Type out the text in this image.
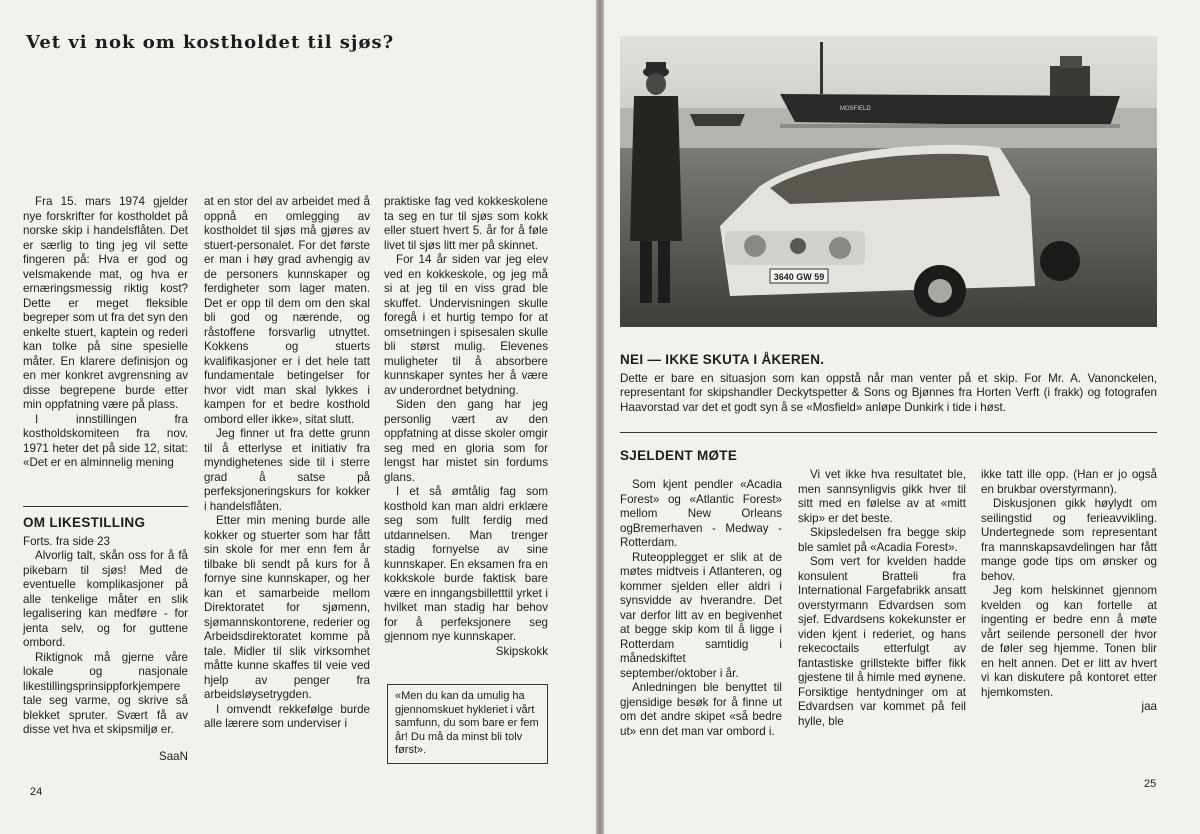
Vet vi nok om kostholdet til sjøs?

Fra 15. mars 1974 gjelder nye forskrifter for kostholdet på norske skip i handelsflåten. Det er særlig to ting jeg vil sette fingeren på: Hva er god og velsmakende mat, og hva er ernæringsmessig riktig kost? Dette er meget fleksible begreper som ut fra det syn den enkelte stuert, kaptein og rederi kan tolke på sine spesielle måter. En klarere definisjon og en mer konkret avgrensning av disse begrepene burde etter min oppfatning være på plass.

I innstillingen fra kostholdskomiteen fra nov. 1971 heter det på side 12, sitat: «Det er en alminnelig mening

at en stor del av arbeidet med å oppnå en omlegging av kostholdet til sjøs må gjøres av stuert-personalet. For det første er man i høy grad avhengig av de personers kunnskaper og ferdigheter som lager maten. Det er opp til dem om den skal bli god og nærende, og råstoffene forsvarlig utnyttet. Kokkens og stuerts kvalifikasjoner er i det hele tatt fundamentale betingelser for hvor vidt man skal lykkes i kampen for et bedre kosthold ombord eller ikke», sitat slutt.

Jeg finner ut fra dette grunn til å etterlyse et initiativ fra myndighetenes side til i sterre grad å satse på perfeksjoneringskurs for kokker i handelsflåten.

Etter min mening burde alle kokker og stuerter som har fått sin skole for mer enn fem år tilbake bli sendt på kurs for å fornye sine kunnskaper, og her kan et samarbeide mellom Direktoratet for sjømenn, sjømannskontorene, rederier og Arbeidsdirektoratet komme på tale. Midler til slik virksomhet måtte kunne skaffes til veie ved hjelp av penger fra arbeidsløysetrygden.

I omvendt rekkefølge burde alle lærere som underviser i

praktiske fag ved kokkeskolene ta seg en tur til sjøs som kokk eller stuert hvert 5. år for å føle livet til sjøs litt mer på skinnet.

For 14 år siden var jeg elev ved en kokkeskole, og jeg må si at jeg til en viss grad ble skuffet. Undervisningen skulle foregå i et hurtig tempo for at omsetningen i spisesalen skulle bli størst mulig. Elevenes muligheter til å absorbere kunnskaper syntes her å være av underordnet betydning.

Siden den gang har jeg personlig vært av den oppfatning at disse skoler omgir seg med en gloria som for lengst har mistet sin fordums glans.

I et så ømtålig fag som kosthold kan man aldri erklære seg som fullt ferdig med utdannelsen. Man trenger stadig fornyelse av sine kunnskaper. En eksamen fra en kokkskole burde faktisk bare være en inngangsbilletttil yrket i hvilket man stadig har behov for å perfeksjonere seg gjennom nye kunnskaper.

Skipskokk
«Men du kan da umulig ha gjennomskuet hykleriet i vårt samfunn, du som bare er fem år! Du må da minst bli tolv først».
OM LIKESTILLING
Forts. fra side 23

Alvorlig talt, skån oss for å få pikebarn til sjøs! Med de eventuelle komplikasjoner på alle tenkelige måter en slik legalisering kan medføre - for jenta selv, og for guttene ombord.

Riktignok må gjerne våre lokale og nasjonale likestillingsprinsippforkjempere tale seg varme, og skrive så blekket spruter. Svært få av disse vet hva et skipsmiljø er.

SaaN
24
MOSFIELD
3640 GW 59
NEI — IKKE SKUTA I ÅKEREN.
Dette er bare en situasjon som kan oppstå når man venter på et skip. For Mr. A. Vanonckelen, representant for skipshandler Deckytspetter & Sons og Bjønnes fra Horten Verft (i frakk) og fotografen Haavorstad var det et godt syn å se «Mosfield» anløpe Dunkirk i tide i høst.
SJELDENT MØTE

Som kjent pendler «Acadia Forest» og «Atlantic Forest» mellom New Orleans ogBremerhaven - Medway - Rotterdam.

Ruteopplegget er slik at de møtes midtveis i Atlanteren, og kommer sjelden eller aldri i synsvidde av hverandre. Det var derfor litt av en begivenhet at begge skip kom til å ligge i Rotterdam samtidig i månedskiftet september/oktober i år.

Anledningen ble benyttet til gjensidige besøk for å finne ut om det andre skipet «så bedre ut» enn det man var ombord i.

Vi vet ikke hva resultatet ble, men sannsynligvis gikk hver til sitt med en følelse av at «mitt skip» er det beste.

Skipsledelsen fra begge skip ble samlet på «Acadia Forest».

Som vert for kvelden hadde konsulent Bratteli fra International Fargefabrikk ansatt overstyrmann Edvardsen som sjef. Edvardsens kokekunster er viden kjent i rederiet, og hans rekecoctails etterfulgt av fantastiske grillstekte biffer fikk gjestene til å himle med øynene. Forsiktige hentydninger om at Edvardsen var kommet på feil hylle, ble

ikke tatt ille opp. (Han er jo også en brukbar overstyrmann).

Diskusjonen gikk høylydt om seilingstid og ferieavvikling. Undertegnede som representant fra mannskapsavdelingen har fått mange gode tips om ønsker og behov.

Jeg kom helskinnet gjennom kvelden og kan fortelle at ingenting er bedre enn å møte vårt seilende personell der hvor de føler seg hjemme. Tonen blir en helt annen. Det er litt av hvert vi kan diskutere på kontoret etter hjemkomsten.

jaa
25
